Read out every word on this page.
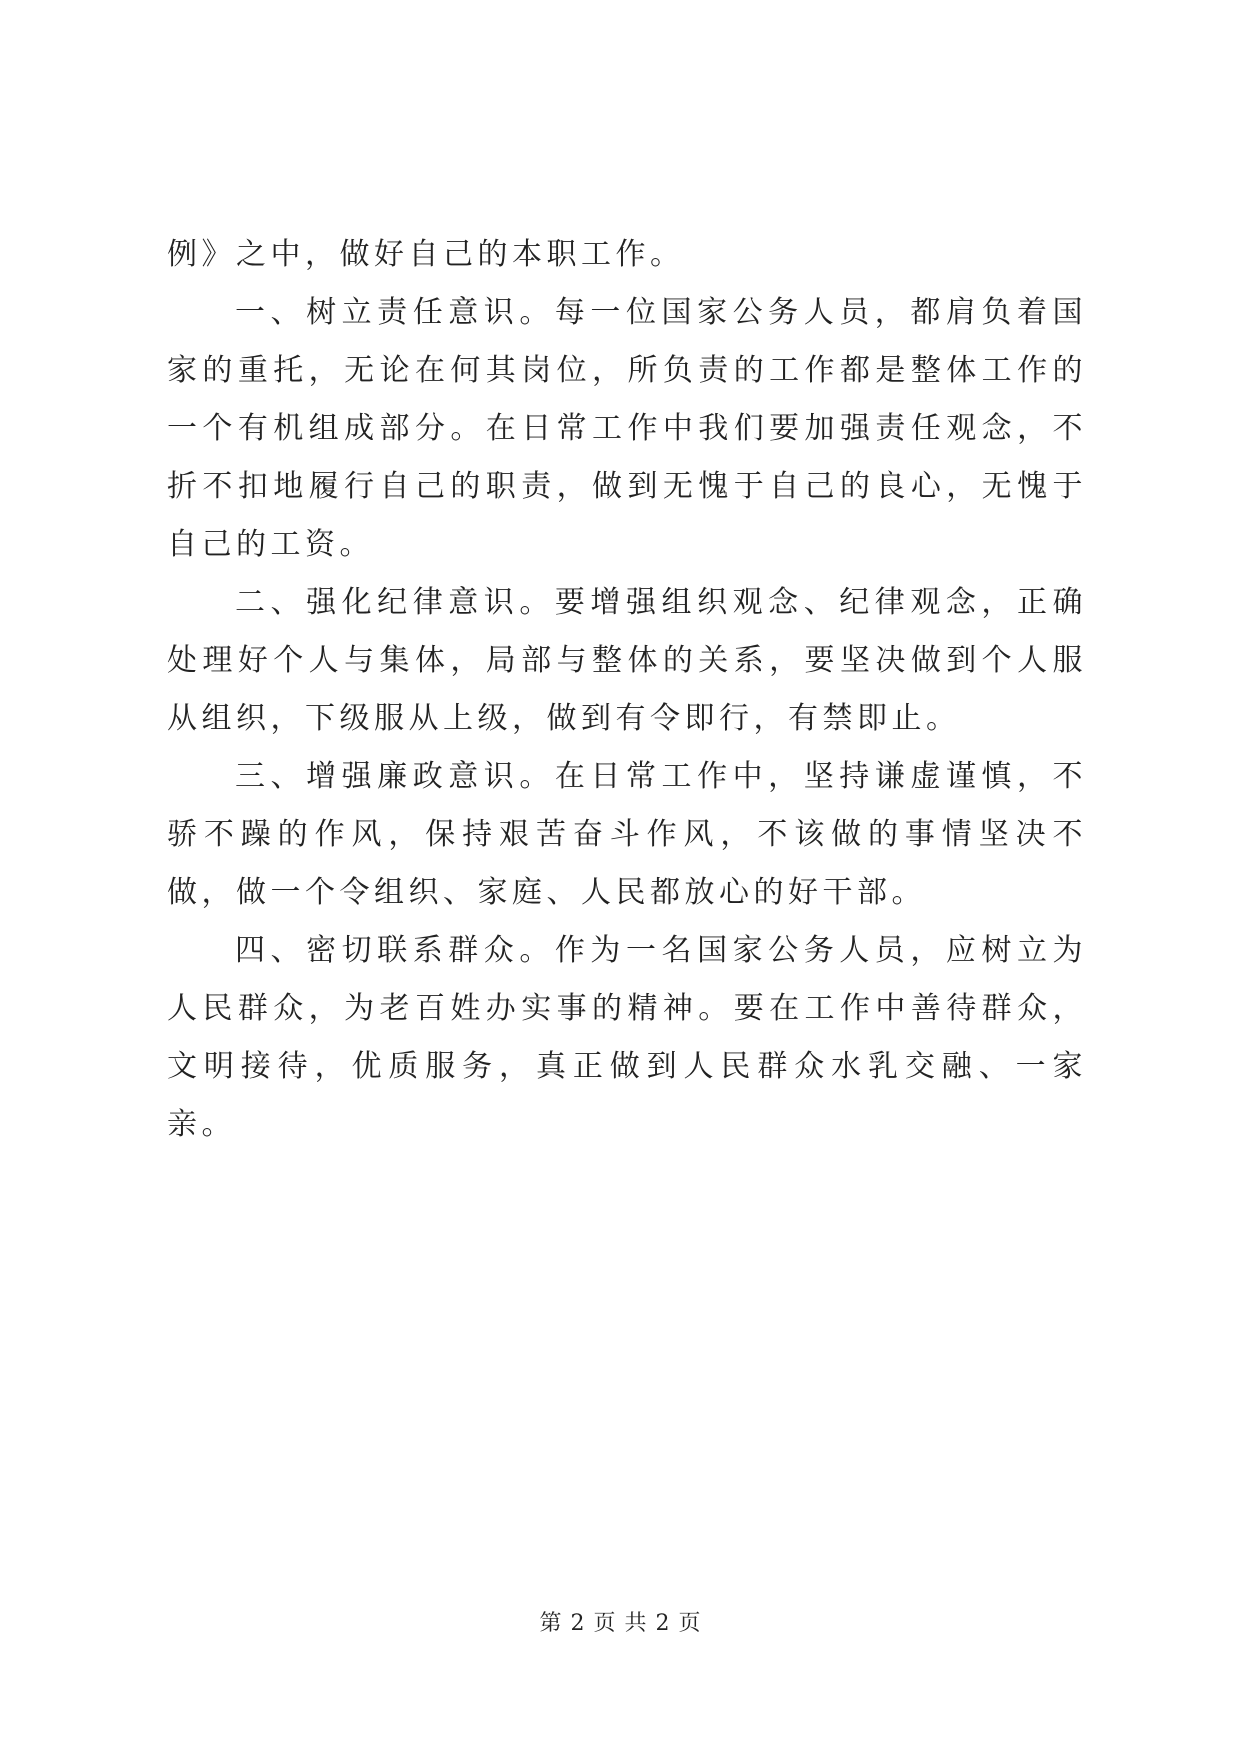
例》之中，做好自己的本职工作。

一、树立责任意识。每一位国家公务人员，都肩负着国家的重托，无论在何其岗位，所负责的工作都是整体工作的一个有机组成部分。在日常工作中我们要加强责任观念，不折不扣地履行自己的职责，做到无愧于自己的良心，无愧于自己的工资。

二、强化纪律意识。要增强组织观念、纪律观念，正确处理好个人与集体，局部与整体的关系，要坚决做到个人服从组织，下级服从上级，做到有令即行，有禁即止。

三、增强廉政意识。在日常工作中，坚持谦虚谨慎，不骄不躁的作风，保持艰苦奋斗作风，不该做的事情坚决不做，做一个令组织、家庭、人民都放心的好干部。

四、密切联系群众。作为一名国家公务人员，应树立为人民群众，为老百姓办实事的精神。要在工作中善待群众，文明接待，优质服务，真正做到人民群众水乳交融、一家亲。

第 2 页 共 2 页
